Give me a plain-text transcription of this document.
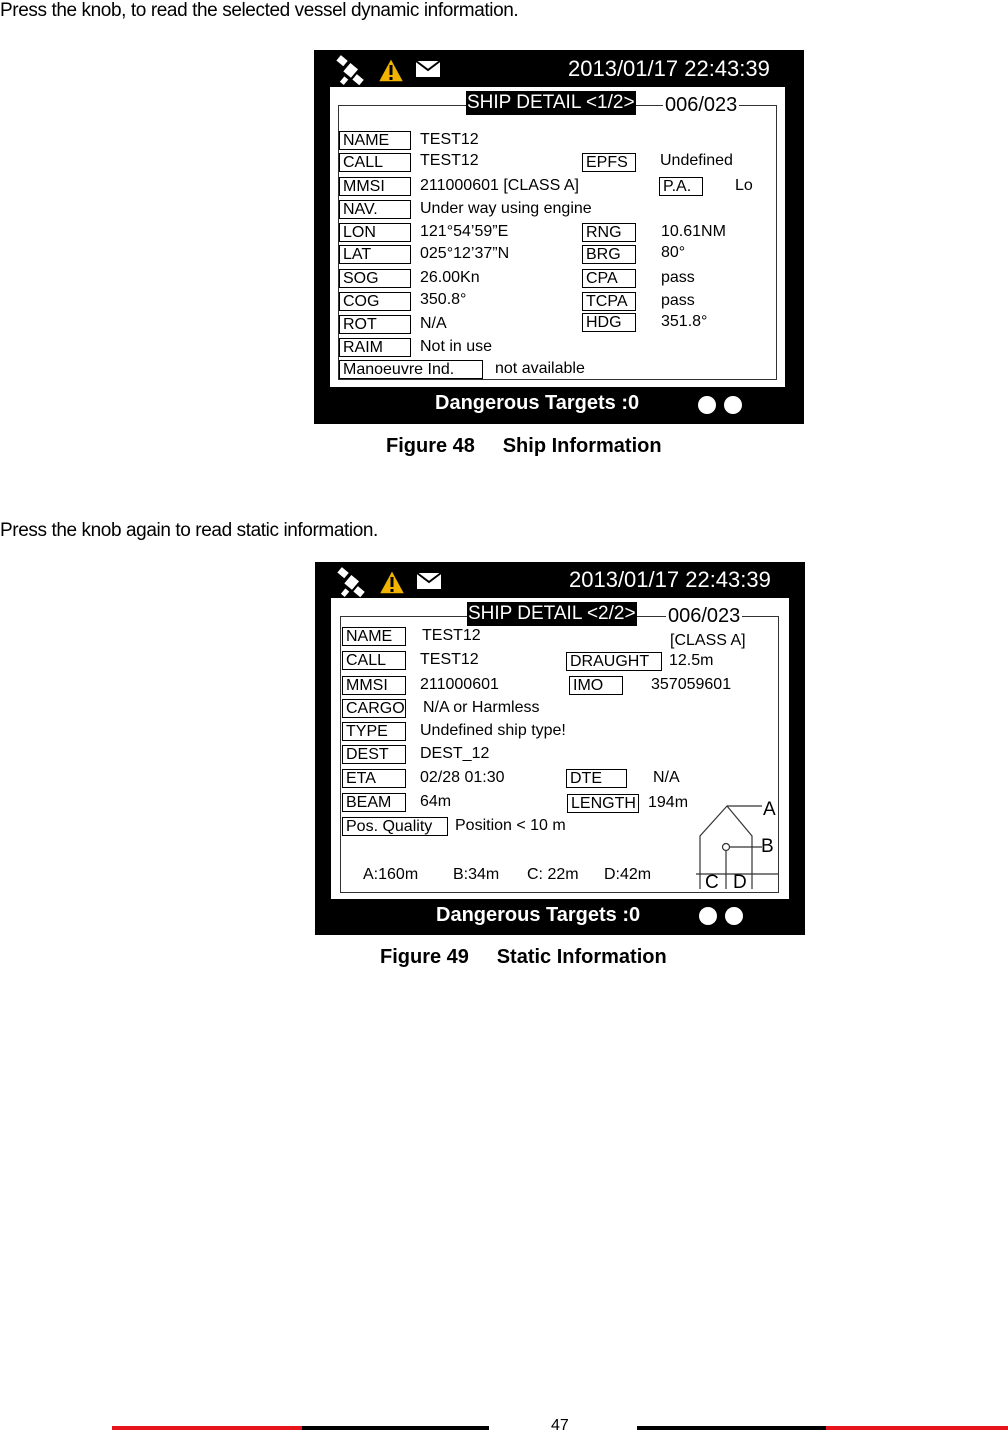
Press the knob, to read the selected vessel dynamic information.
2013/01/17 22:43:39
SHIP DETAIL <1/2> 006/023
NAME	TEST12
CALL	TEST12
MMSI	211000601 [CLASS A]
NAV.	Under way using engine
LON	121°54’59”E
LAT	025°12’37”N
SOG	26.00Kn
COG	350.8°
ROT	N/A
RAIM	Not in use
Manoeuvre Ind.	not available
EPFS	Undefined
P.A.	Lo
RNG	10.61NM
BRG	80°
CPA	pass
TCPA	pass
HDG	351.8°
Dangerous Targets :0
Figure 48     Ship Information
Press the knob again to read static information.
2013/01/17 22:43:39
SHIP DETAIL <2/2> 006/023
[CLASS A]
NAME	TEST12
CALL	TEST12
MMSI	211000601
CARGO N/A or Harmless
TYPE	Undefined ship type!
DEST	DEST_12
ETA	02/28 01:30
BEAM	64m
Pos. Quality	Position < 10 m
DRAUGHT	12.5m
IMO	357059601
DTE	N/A
LENGTH 194m
A:160m B:34m C: 22m D:42m
A
B
C D
Dangerous Targets :0
Figure 49     Static Information
47
